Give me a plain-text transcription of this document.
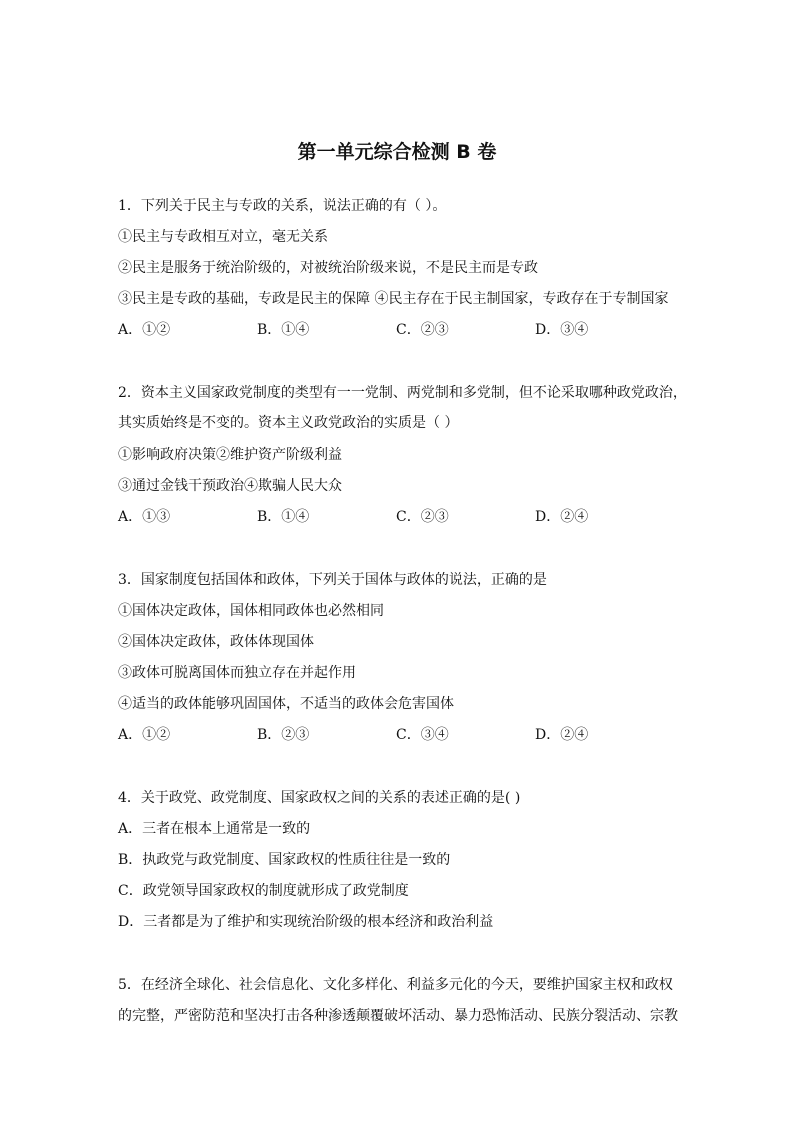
第一单元综合检测 B 卷
1．下列关于民主与专政的关系，说法正确的有（ ）。
①民主与专政相互对立，毫无关系
②民主是服务于统治阶级的，对被统治阶级来说，不是民主而是专政
③民主是专政的基础，专政是民主的保障 ④民主存在于民主制国家，专政存在于专制国家
A．①②	B．①④	C．②③	D．③④
2．资本主义国家政党制度的类型有一一党制、两党制和多党制，但不论采取哪种政党政治，
其实质始终是不变的。资本主义政党政治的实质是（ ）
①影响政府决策②维护资产阶级利益
③通过金钱干预政治④欺骗人民大众
A．①③	B．①④	C．②③	D．②④
3．国家制度包括国体和政体，下列关于国体与政体的说法，正确的是
①国体决定政体，国体相同政体也必然相同
②国体决定政体，政体体现国体
③政体可脱离国体而独立存在并起作用
④适当的政体能够巩固国体，不适当的政体会危害国体
A．①②	B．②③	C．③④	D．②④
4．关于政党、政党制度、国家政权之间的关系的表述正确的是( )
A．三者在根本上通常是一致的
B．执政党与政党制度、国家政权的性质往往是一致的
C．政党领导国家政权的制度就形成了政党制度
D．三者都是为了维护和实现统治阶级的根本经济和政治利益
5．在经济全球化、社会信息化、文化多样化、利益多元化的今天，要维护国家主权和政权
的完整，严密防范和坚决打击各种渗透颠覆破坏活动、暴力恐怖活动、民族分裂活动、宗教
